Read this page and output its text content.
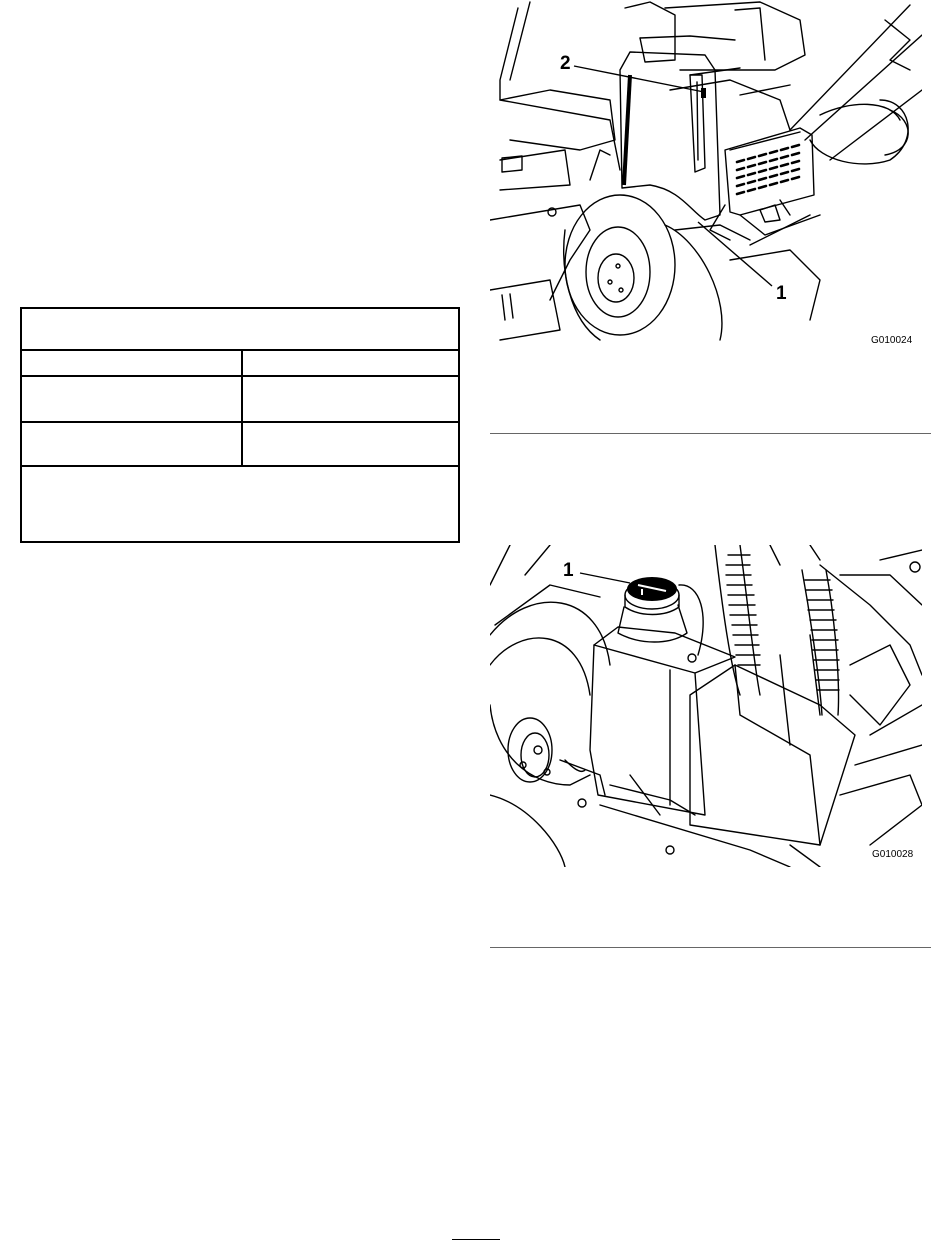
2
1
G010024
1
G010028
